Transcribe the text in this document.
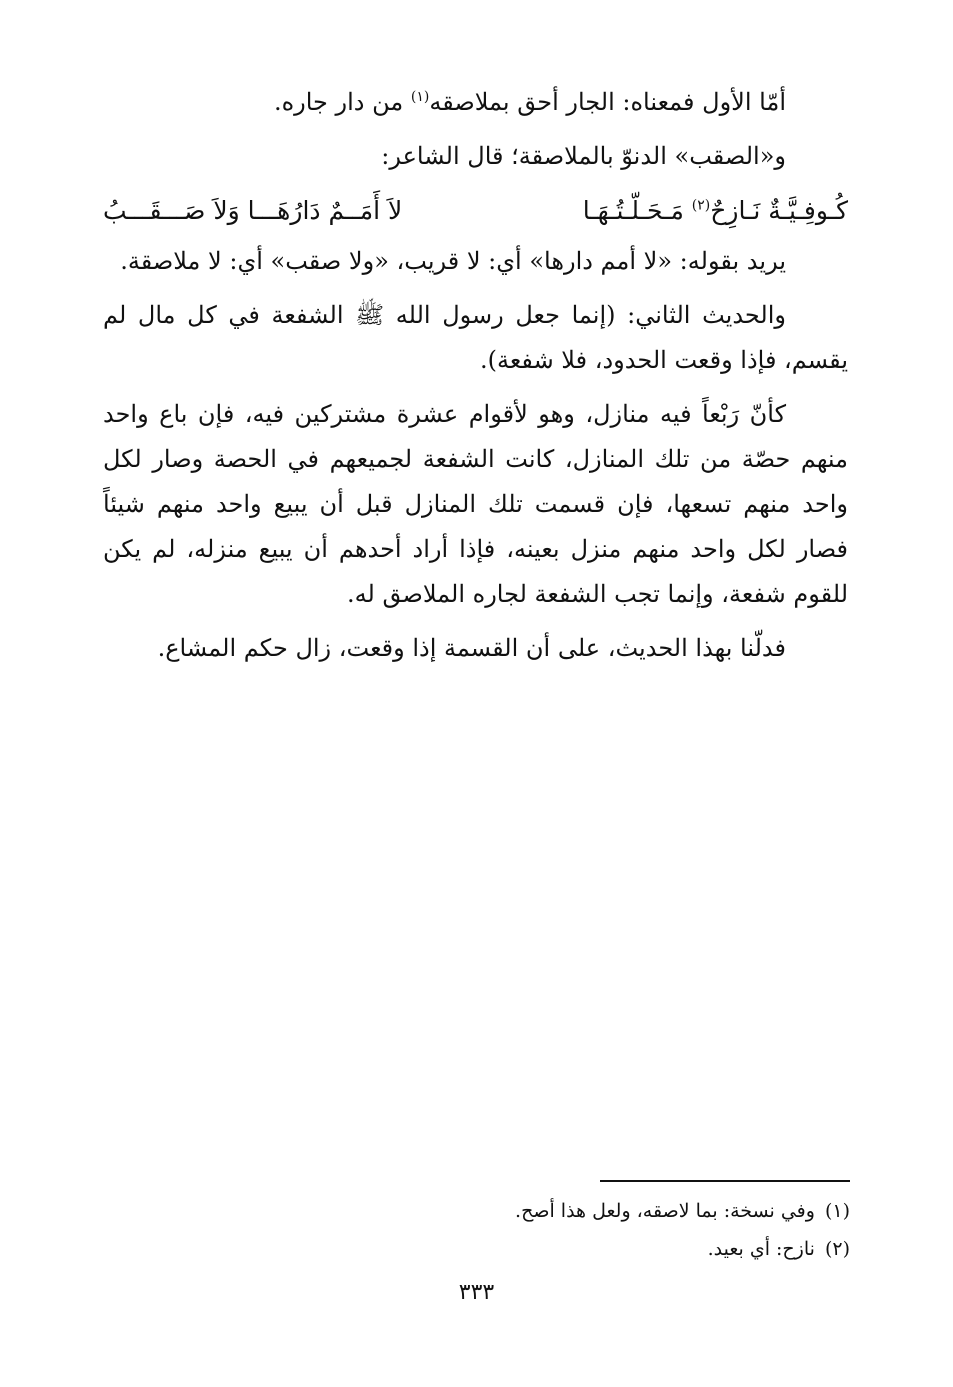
أمّا الأول فمعناه: الجار أحق بملاصقه$^{(١)}$ من دار جاره.

و«الصقب» الدنوّ بالملاصقة؛ قال الشاعر:

كُـوفِـيَّـةٌ نَـازِحٌ$^{(٢)}$ مَـحَـلّـتُـهَـا
لاَ أَمَــمٌ دَارُهَـــا وَلاَ صَـــقَـــبُ

يريد بقوله: «لا أمم دارها» أي: لا قريب، «ولا صقب» أي: لا ملاصقة.

والحديث الثاني: (إنما جعل رسول الله ﷺ الشفعة في كل مال لم يقسم، فإذا وقعت الحدود، فلا شفعة).

كأنّ رَبْعاً فيه منازل، وهو لأقوام عشرة مشتركين فيه، فإن باع واحد منهم حصّة من تلك المنازل، كانت الشفعة لجميعهم في الحصة وصار لكل واحد منهم تسعها، فإن قسمت تلك المنازل قبل أن يبيع واحد منهم شيئاً فصار لكل واحد منهم منزل بعينه، فإذا أراد أحدهم أن يبيع منزله، لم يكن للقوم شفعة، وإنما تجب الشفعة لجاره الملاصق له.

فدلّنا بهذا الحديث، على أن القسمة إذا وقعت، زال حكم المشاع.

(١)وفي نسخة: بما لاصقه، ولعل هذا أصح.

(٢)نازح: أي بعيد.

٣٣٣
